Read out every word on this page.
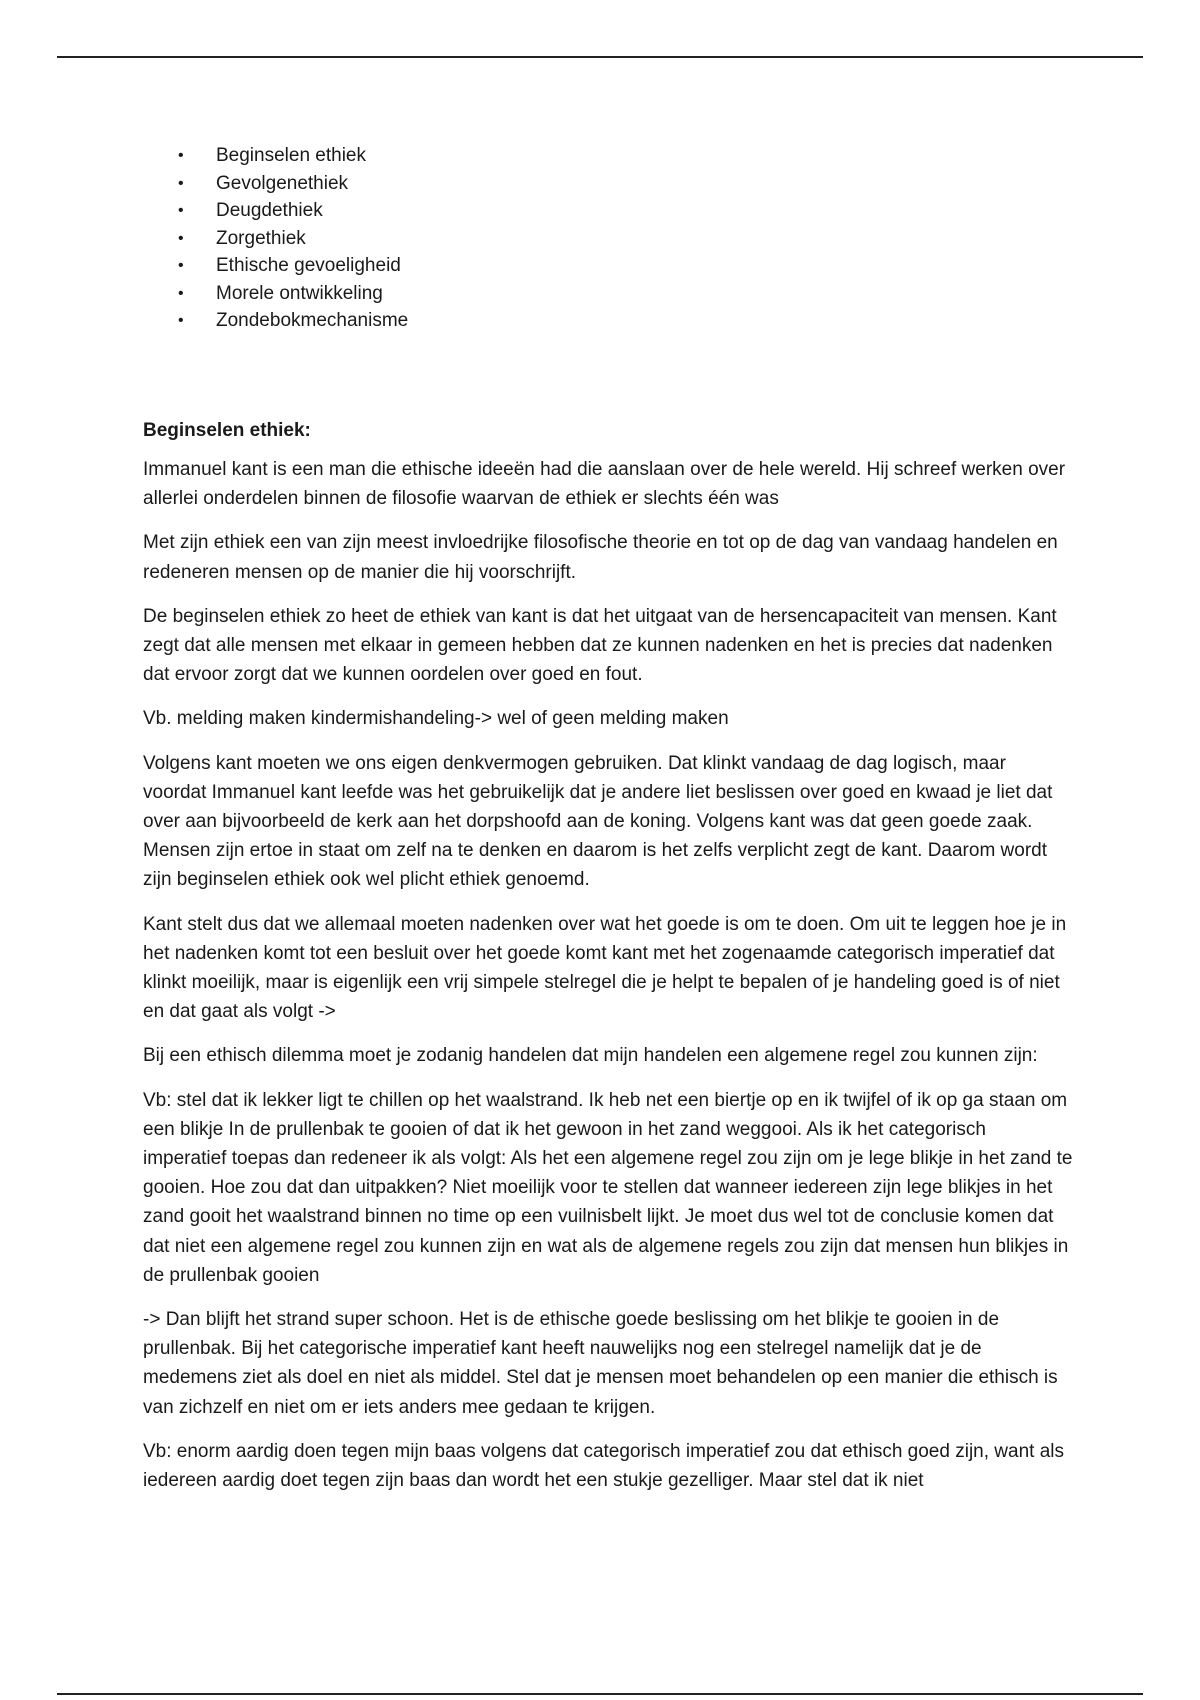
• Beginselen ethiek
• Gevolgenethiek
• Deugdethiek
• Zorgethiek
• Ethische gevoeligheid
• Morele ontwikkeling
• Zondebokmechanisme

Beginselen ethiek:

Immanuel kant is een man die ethische ideeën had die aanslaan over de hele wereld. Hij schreef werken over allerlei onderdelen binnen de filosofie waarvan de ethiek er slechts één was

Met zijn ethiek een van zijn meest invloedrijke filosofische theorie en tot op de dag van vandaag handelen en redeneren mensen op de manier die hij voorschrijft.

De beginselen ethiek zo heet de ethiek van kant is dat het uitgaat van de hersencapaciteit van mensen. Kant zegt dat alle mensen met elkaar in gemeen hebben dat ze kunnen nadenken en het is precies dat nadenken dat ervoor zorgt dat we kunnen oordelen over goed en fout.

Vb. melding maken kindermishandeling-> wel of geen melding maken

Volgens kant moeten we ons eigen denkvermogen gebruiken. Dat klinkt vandaag de dag logisch, maar voordat Immanuel kant leefde was het gebruikelijk dat je andere liet beslissen over goed en kwaad je liet dat over aan bijvoorbeeld de kerk aan het dorpshoofd aan de koning. Volgens kant was dat geen goede zaak. Mensen zijn ertoe in staat om zelf na te denken en daarom is het zelfs verplicht zegt de kant. Daarom wordt zijn beginselen ethiek ook wel plicht ethiek genoemd.

Kant stelt dus dat we allemaal moeten nadenken over wat het goede is om te doen. Om uit te leggen hoe je in het nadenken komt tot een besluit over het goede komt kant met het zogenaamde categorisch imperatief dat klinkt moeilijk, maar is eigenlijk een vrij simpele stelregel die je helpt te bepalen of je handeling goed is of niet en dat gaat als volgt ->

Bij een ethisch dilemma moet je zodanig handelen dat mijn handelen een algemene regel zou kunnen zijn:

Vb: stel dat ik lekker ligt te chillen op het waalstrand. Ik heb net een biertje op en ik twijfel of ik op ga staan om een blikje In de prullenbak te gooien of dat ik het gewoon in het zand weggooi. Als ik het categorisch imperatief toepas dan redeneer ik als volgt: Als het een algemene regel zou zijn om je lege blikje in het zand te gooien. Hoe zou dat dan uitpakken? Niet moeilijk voor te stellen dat wanneer iedereen zijn lege blikjes in het zand gooit het waalstrand binnen no time op een vuilnisbelt lijkt. Je moet dus wel tot de conclusie komen dat dat niet een algemene regel zou kunnen zijn en wat als de algemene regels zou zijn dat mensen hun blikjes in de prullenbak gooien

-> Dan blijft het strand super schoon. Het is de ethische goede beslissing om het blikje te gooien in de prullenbak. Bij het categorische imperatief kant heeft nauwelijks nog een stelregel namelijk dat je de medemens ziet als doel en niet als middel. Stel dat je mensen moet behandelen op een manier die ethisch is van zichzelf en niet om er iets anders mee gedaan te krijgen.

Vb: enorm aardig doen tegen mijn baas volgens dat categorisch imperatief zou dat ethisch goed zijn, want als iedereen aardig doet tegen zijn baas dan wordt het een stukje gezelliger. Maar stel dat ik niet
